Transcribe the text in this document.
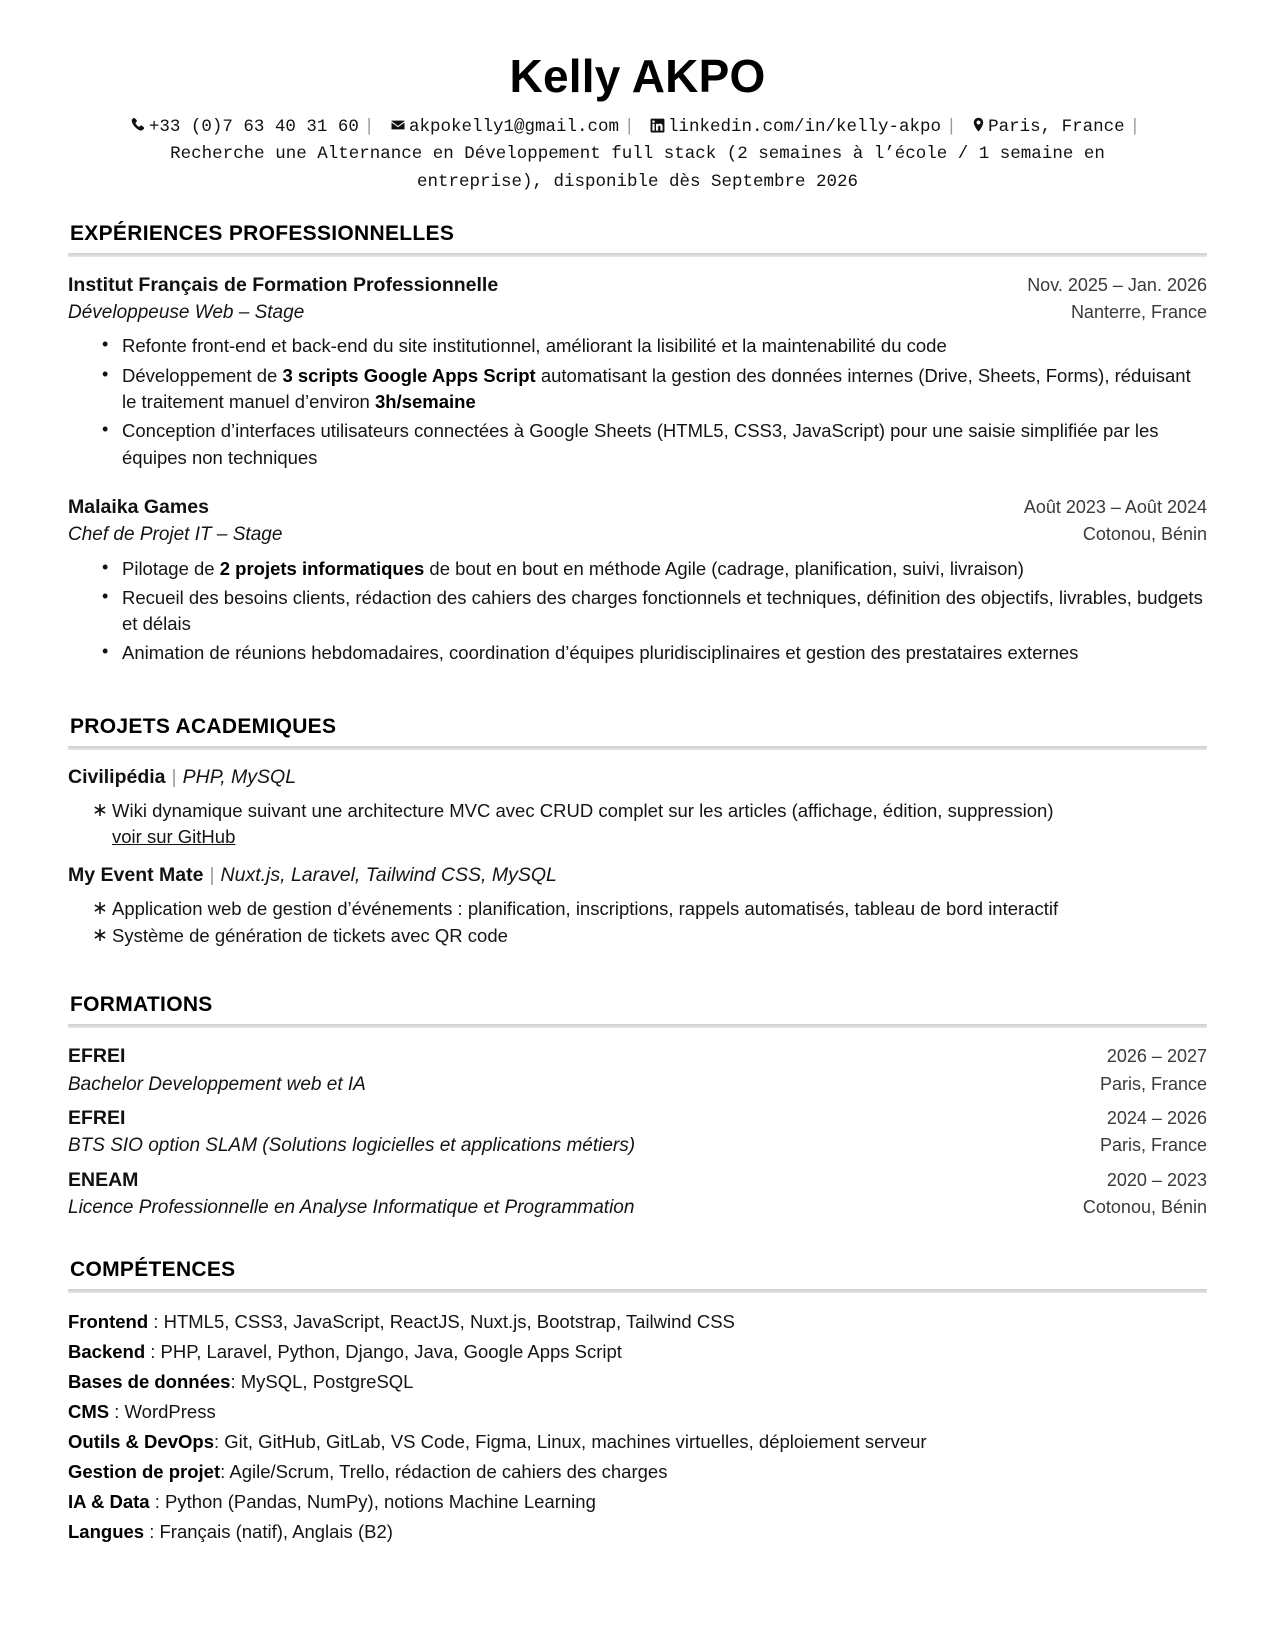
Kelly AKPO
+33 (0)7 63 40 31 60 | akpokelly1@gmail.com | linkedin.com/in/kelly-akpo | Paris, France |
Recherche une Alternance en Développement full stack (2 semaines à l’école / 1 semaine en entreprise), disponible dès Septembre 2026
EXPÉRIENCES PROFESSIONNELLES
Institut Français de Formation Professionnelle	Nov. 2025 – Jan. 2026
Développeuse Web – Stage	Nanterre, France
• Refonte front-end et back-end du site institutionnel, améliorant la lisibilité et la maintenabilité du code
• Développement de 3 scripts Google Apps Script automatisant la gestion des données internes (Drive, Sheets, Forms), réduisant le traitement manuel d’environ 3h/semaine
• Conception d’interfaces utilisateurs connectées à Google Sheets (HTML5, CSS3, JavaScript) pour une saisie simplifiée par les équipes non techniques
Malaika Games	Août 2023 – Août 2024
Chef de Projet IT – Stage	Cotonou, Bénin
• Pilotage de 2 projets informatiques de bout en bout en méthode Agile (cadrage, planification, suivi, livraison)
• Recueil des besoins clients, rédaction des cahiers des charges fonctionnels et techniques, définition des objectifs, livrables, budgets et délais
• Animation de réunions hebdomadaires, coordination d’équipes pluridisciplinaires et gestion des prestataires externes
PROJETS ACADEMIQUES
Civilipédia | PHP, MySQL
∗ Wiki dynamique suivant une architecture MVC avec CRUD complet sur les articles (affichage, édition, suppression)
voir sur GitHub
My Event Mate | Nuxt.js, Laravel, Tailwind CSS, MySQL
∗ Application web de gestion d’événements : planification, inscriptions, rappels automatisés, tableau de bord interactif
∗ Système de génération de tickets avec QR code
FORMATIONS
EFREI	2026 – 2027
Bachelor Developpement web et IA	Paris, France
EFREI	2024 – 2026
BTS SIO option SLAM (Solutions logicielles et applications métiers)	Paris, France
ENEAM	2020 – 2023
Licence Professionnelle en Analyse Informatique et Programmation	Cotonou, Bénin
COMPÉTENCES
Frontend : HTML5, CSS3, JavaScript, ReactJS, Nuxt.js, Bootstrap, Tailwind CSS
Backend : PHP, Laravel, Python, Django, Java, Google Apps Script
Bases de données: MySQL, PostgreSQL
CMS : WordPress
Outils & DevOps: Git, GitHub, GitLab, VS Code, Figma, Linux, machines virtuelles, déploiement serveur
Gestion de projet: Agile/Scrum, Trello, rédaction de cahiers des charges
IA & Data : Python (Pandas, NumPy), notions Machine Learning
Langues : Français (natif), Anglais (B2)
